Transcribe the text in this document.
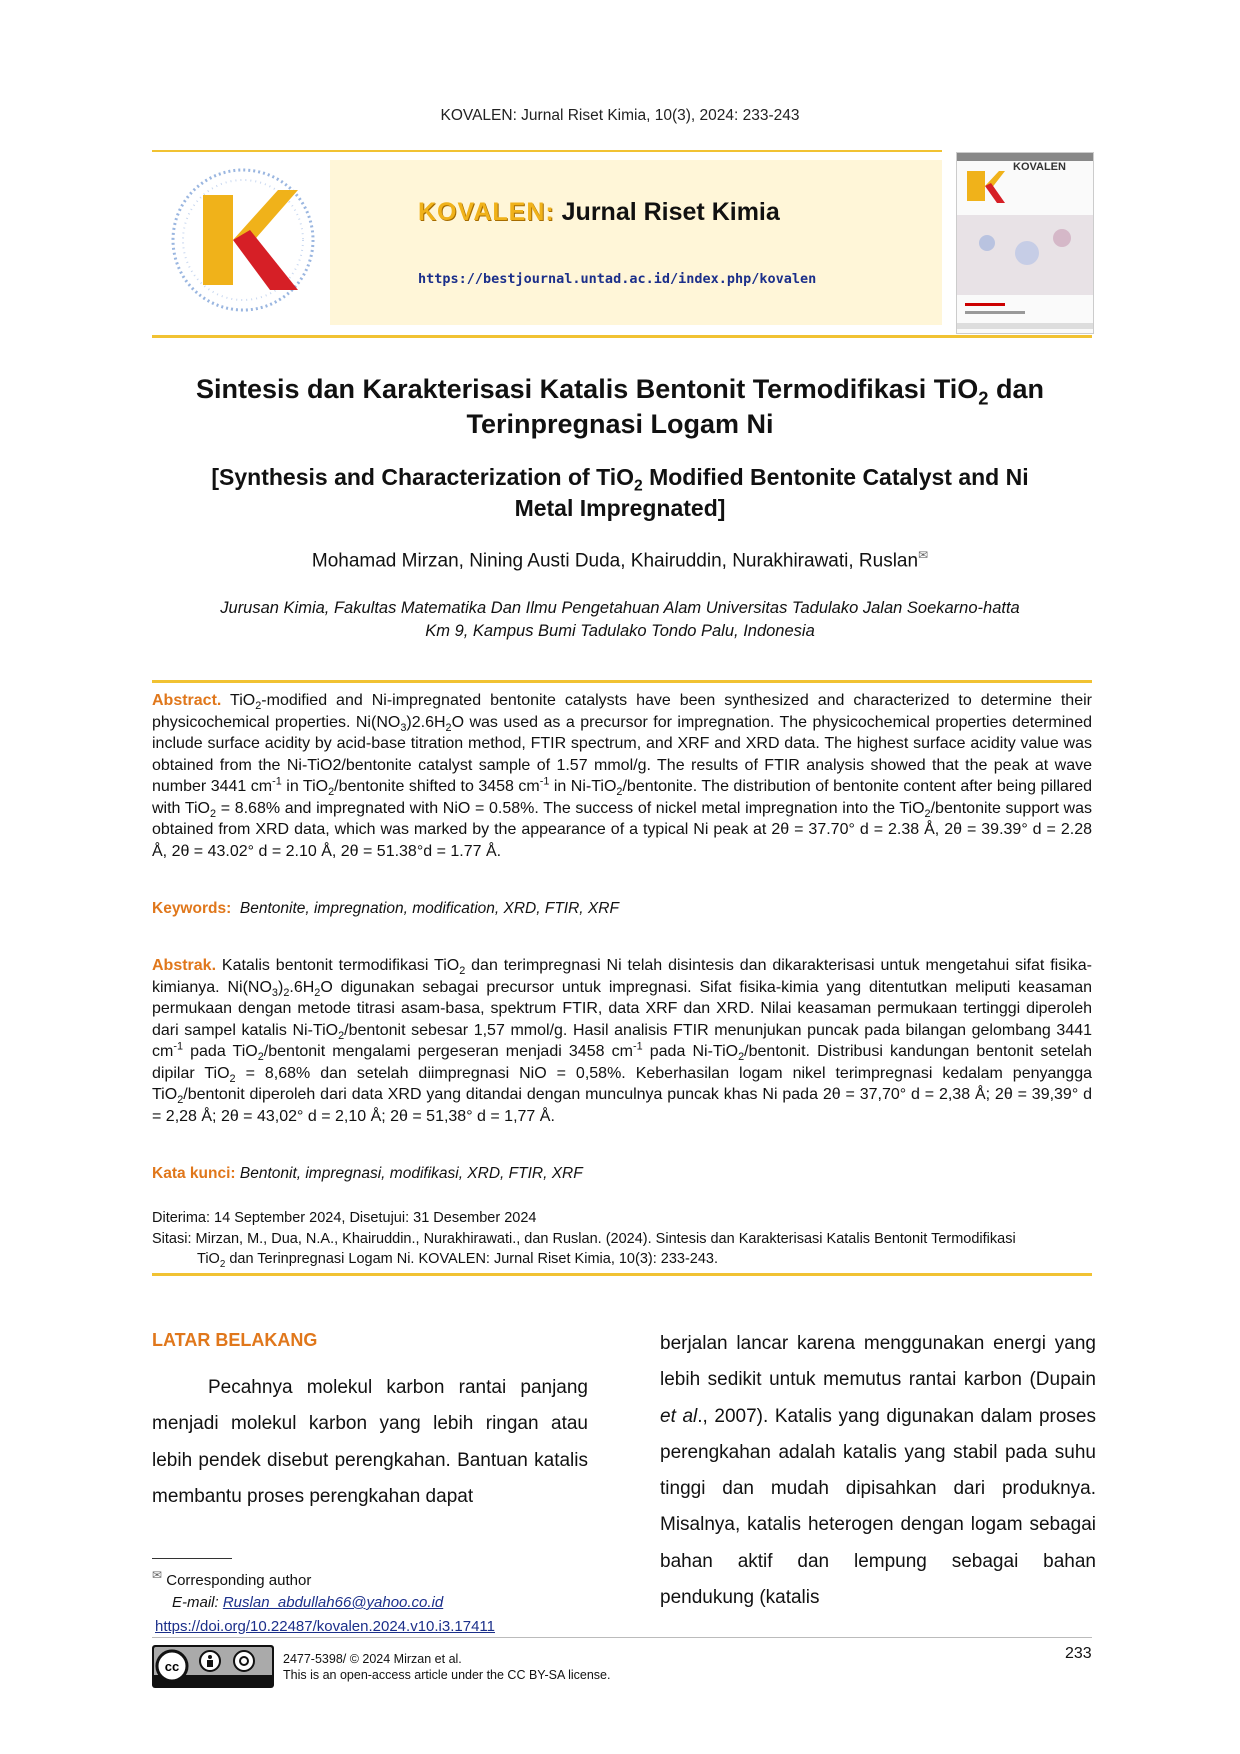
KOVALEN: Jurnal Riset Kimia, 10(3), 2024: 233-243
KOVALEN: Jurnal Riset Kimia
https://bestjournal.untad.ac.id/index.php/kovalen
KOVALEN
Sintesis dan Karakterisasi Katalis Bentonit Termodifikasi TiO$_2$ dan
Terinpregnasi Logam Ni
[Synthesis and Characterization of TiO$_2$ Modified Bentonite Catalyst and Ni
Metal Impregnated]
Mohamad Mirzan, Nining Austi Duda, Khairuddin, Nurakhirawati, Ruslan✉
Jurusan Kimia, Fakultas Matematika Dan Ilmu Pengetahuan Alam Universitas Tadulako Jalan Soekarno-hatta
Km 9, Kampus Bumi Tadulako Tondo Palu, Indonesia
Abstract. TiO$_2$-modified and Ni-impregnated bentonite catalysts have been synthesized and characterized to determine their physicochemical properties. $Ni(NO_3)2.6H_2O$ was used as a precursor for impregnation. The physicochemical properties determined include surface acidity by acid-base titration method, FTIR spectrum, and XRF and XRD data. The highest surface acidity value was obtained from the Ni-TiO2/bentonite catalyst sample of 1.57 mmol/g. The results of FTIR analysis showed that the peak at wave number 3441 $cm^{-1}$ in TiO$_2$/bentonite shifted to 3458 $cm^{-1}$ in Ni-TiO$_2$/bentonite. The distribution of bentonite content after being pillared with TiO$_2$ = 8.68% and impregnated with NiO = 0.58%. The success of nickel metal impregnation into the TiO$_2$/bentonite support was obtained from XRD data, which was marked by the appearance of a typical Ni peak at 2θ = 37.70° d = 2.38 Å, 2θ = 39.39° d = 2.28 Å, 2θ = 43.02° d = 2.10 Å, 2θ = 51.38°d = 1.77 Å.
Keywords: Bentonite, impregnation, modification, XRD, FTIR, XRF
Abstrak. Katalis bentonit termodifikasi TiO$_2$ dan terimpregnasi Ni telah disintesis dan dikarakterisasi untuk mengetahui sifat fisika-kimianya. $Ni(NO_3)_2.6H_2O$ digunakan sebagai precursor untuk impregnasi. Sifat fisika-kimia yang ditentutkan meliputi keasaman permukaan dengan metode titrasi asam-basa, spektrum FTIR, data XRF dan XRD. Nilai keasaman permukaan tertinggi diperoleh dari sampel katalis Ni-TiO$_2$/bentonit sebesar 1,57 mmol/g. Hasil analisis FTIR menunjukan puncak pada bilangan gelombang 3441 $cm^{-1}$ pada TiO$_2$/bentonit mengalami pergeseran menjadi 3458 $cm^{-1}$ pada Ni-TiO$_2$/bentonit. Distribusi kandungan bentonit setelah dipilar TiO$_2$ = 8,68% dan setelah diimpregnasi NiO = 0,58%. Keberhasilan logam nikel terimpregnasi kedalam penyangga TiO$_2$/bentonit diperoleh dari data XRD yang ditandai dengan munculnya puncak khas Ni pada 2θ = 37,70° d = 2,38 Å; 2θ = 39,39° d = 2,28 Å; 2θ = 43,02° d = 2,10 Å; 2θ = 51,38° d = 1,77 Å.
Kata kunci: Bentonit, impregnasi, modifikasi, XRD, FTIR, XRF
Diterima: 14 September 2024, Disetujui: 31 Desember 2024
Sitasi: Mirzan, M., Dua, N.A., Khairuddin., Nurakhirawati., dan Ruslan. (2024). Sintesis dan Karakterisasi Katalis Bentonit Termodifikasi
TiO$_2$ dan Terinpregnasi Logam Ni. KOVALEN: Jurnal Riset Kimia, 10(3): 233-243.
LATAR BELAKANG
Pecahnya molekul karbon rantai panjang menjadi molekul karbon yang lebih ringan atau lebih pendek disebut perengkahan. Bantuan katalis membantu proses perengkahan dapat
berjalan lancar karena menggunakan energi yang lebih sedikit untuk memutus rantai karbon (Dupain et al., 2007). Katalis yang digunakan dalam proses perengkahan adalah katalis yang stabil pada suhu tinggi dan mudah dipisahkan dari produknya. Misalnya, katalis heterogen dengan logam sebagai bahan aktif dan lempung sebagai bahan pendukung (katalis
✉ Corresponding author
E-mail: Ruslan_abdullah66@yahoo.co.id
https://doi.org/10.22487/kovalen.2024.v10.i3.17411
cc	2477-5398/ © 2024 Mirzan et al.
This is an open-access article under the CC BY-SA license.
233
